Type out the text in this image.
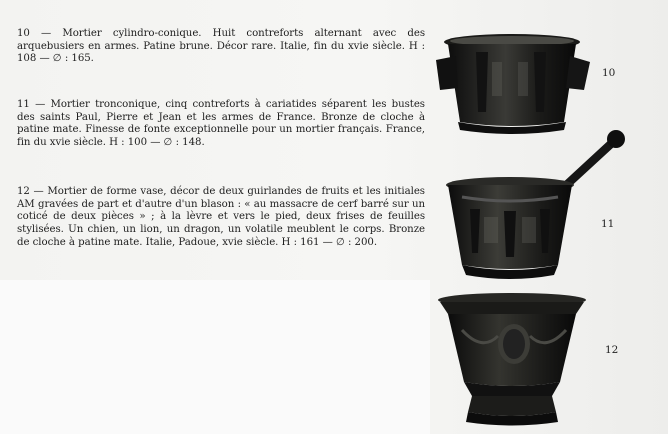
10 — Mortier cylindro-conique. Huit contreforts alternant avec des arquebusiers en armes. Patine brune. Décor rare. Italie, fin du xvie siècle. H : 108 — ∅ : 165.

11 — Mortier tronconique, cinq contreforts à cariatides séparent les bustes des saints Paul, Pierre et Jean et les armes de France. Bronze de cloche à patine mate. Finesse de fonte exceptionnelle pour un mortier français. France, fin du xvie siècle. H : 100 — ∅ : 148.

12 — Mortier de forme vase, décor de deux guirlandes de fruits et les initiales AM gravées de part et d'autre d'un blason : « au massacre de cerf barré sur un coticé de deux pièces » ; à la lèvre et vers le pied, deux frises de feuilles stylisées. Un chien, un lion, un dragon, un volatile meublent le corps. Bronze de cloche à patine mate. Italie, Padoue, xvie siècle. H : 161 — ∅ : 200.

10
11
12
